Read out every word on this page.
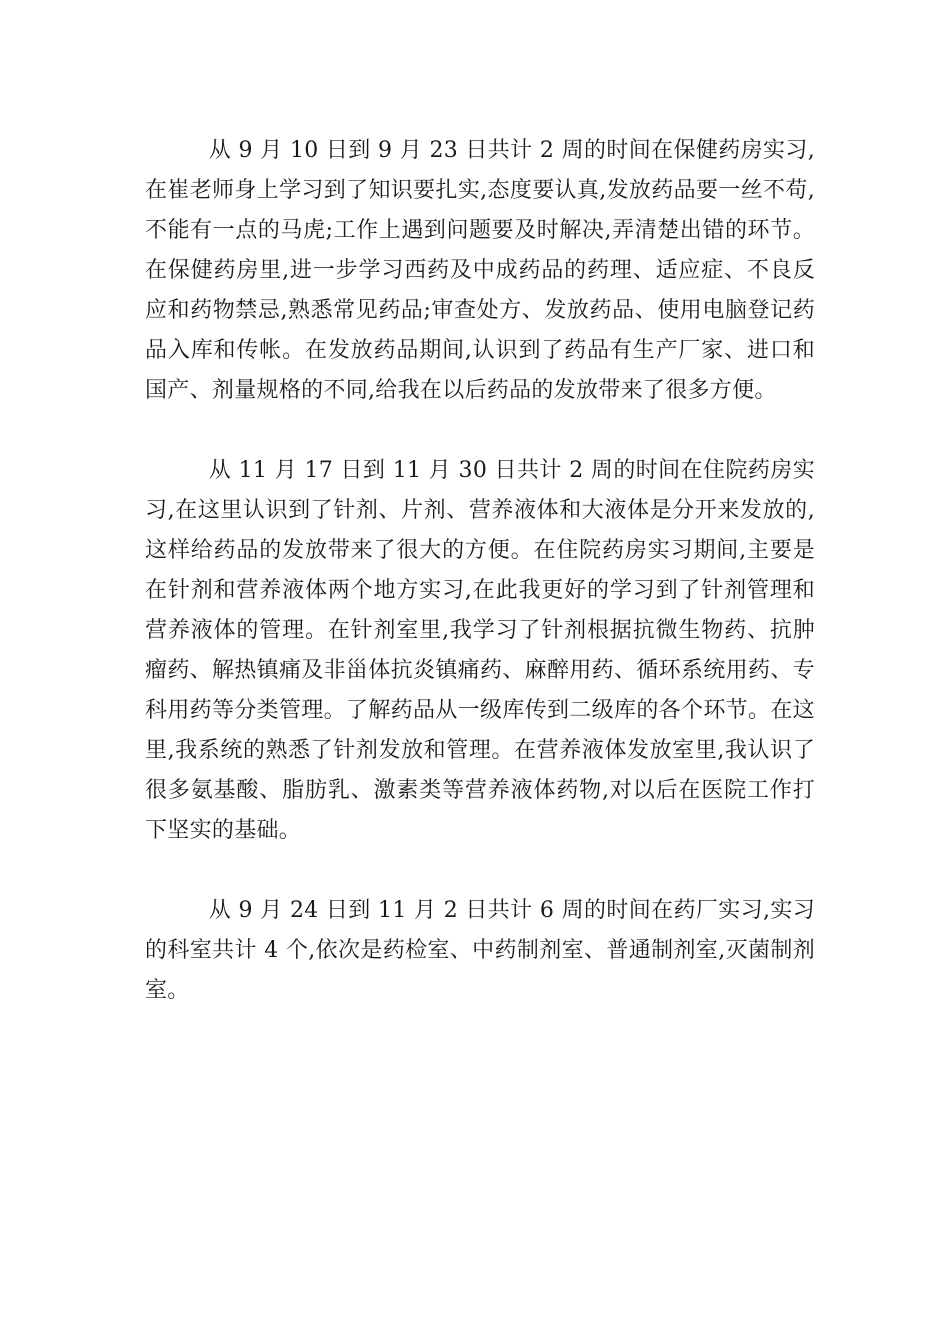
从 9 月 10 日到 9 月 23 日共计 2 周的时间在保健药房实习,在崔老师身上学习到了知识要扎实,态度要认真,发放药品要一丝不苟,不能有一点的马虎;工作上遇到问题要及时解决,弄清楚出错的环节。在保健药房里,进一步学习西药及中成药品的药理、适应症、不良反应和药物禁忌,熟悉常见药品;审查处方、发放药品、使用电脑登记药品入库和传帐。在发放药品期间,认识到了药品有生产厂家、进口和国产、剂量规格的不同,给我在以后药品的发放带来了很多方便。

从 11 月 17 日到 11 月 30 日共计 2 周的时间在住院药房实习,在这里认识到了针剂、片剂、营养液体和大液体是分开来发放的,这样给药品的发放带来了很大的方便。在住院药房实习期间,主要是在针剂和营养液体两个地方实习,在此我更好的学习到了针剂管理和营养液体的管理。在针剂室里,我学习了针剂根据抗微生物药、抗肿瘤药、解热镇痛及非甾体抗炎镇痛药、麻醉用药、循环系统用药、专科用药等分类管理。了解药品从一级库传到二级库的各个环节。在这里,我系统的熟悉了针剂发放和管理。在营养液体发放室里,我认识了很多氨基酸、脂肪乳、激素类等营养液体药物,对以后在医院工作打下坚实的基础。

从 9 月 24 日到 11 月 2 日共计 6 周的时间在药厂实习,实习的科室共计 4 个,依次是药检室、中药制剂室、普通制剂室,灭菌制剂室。
